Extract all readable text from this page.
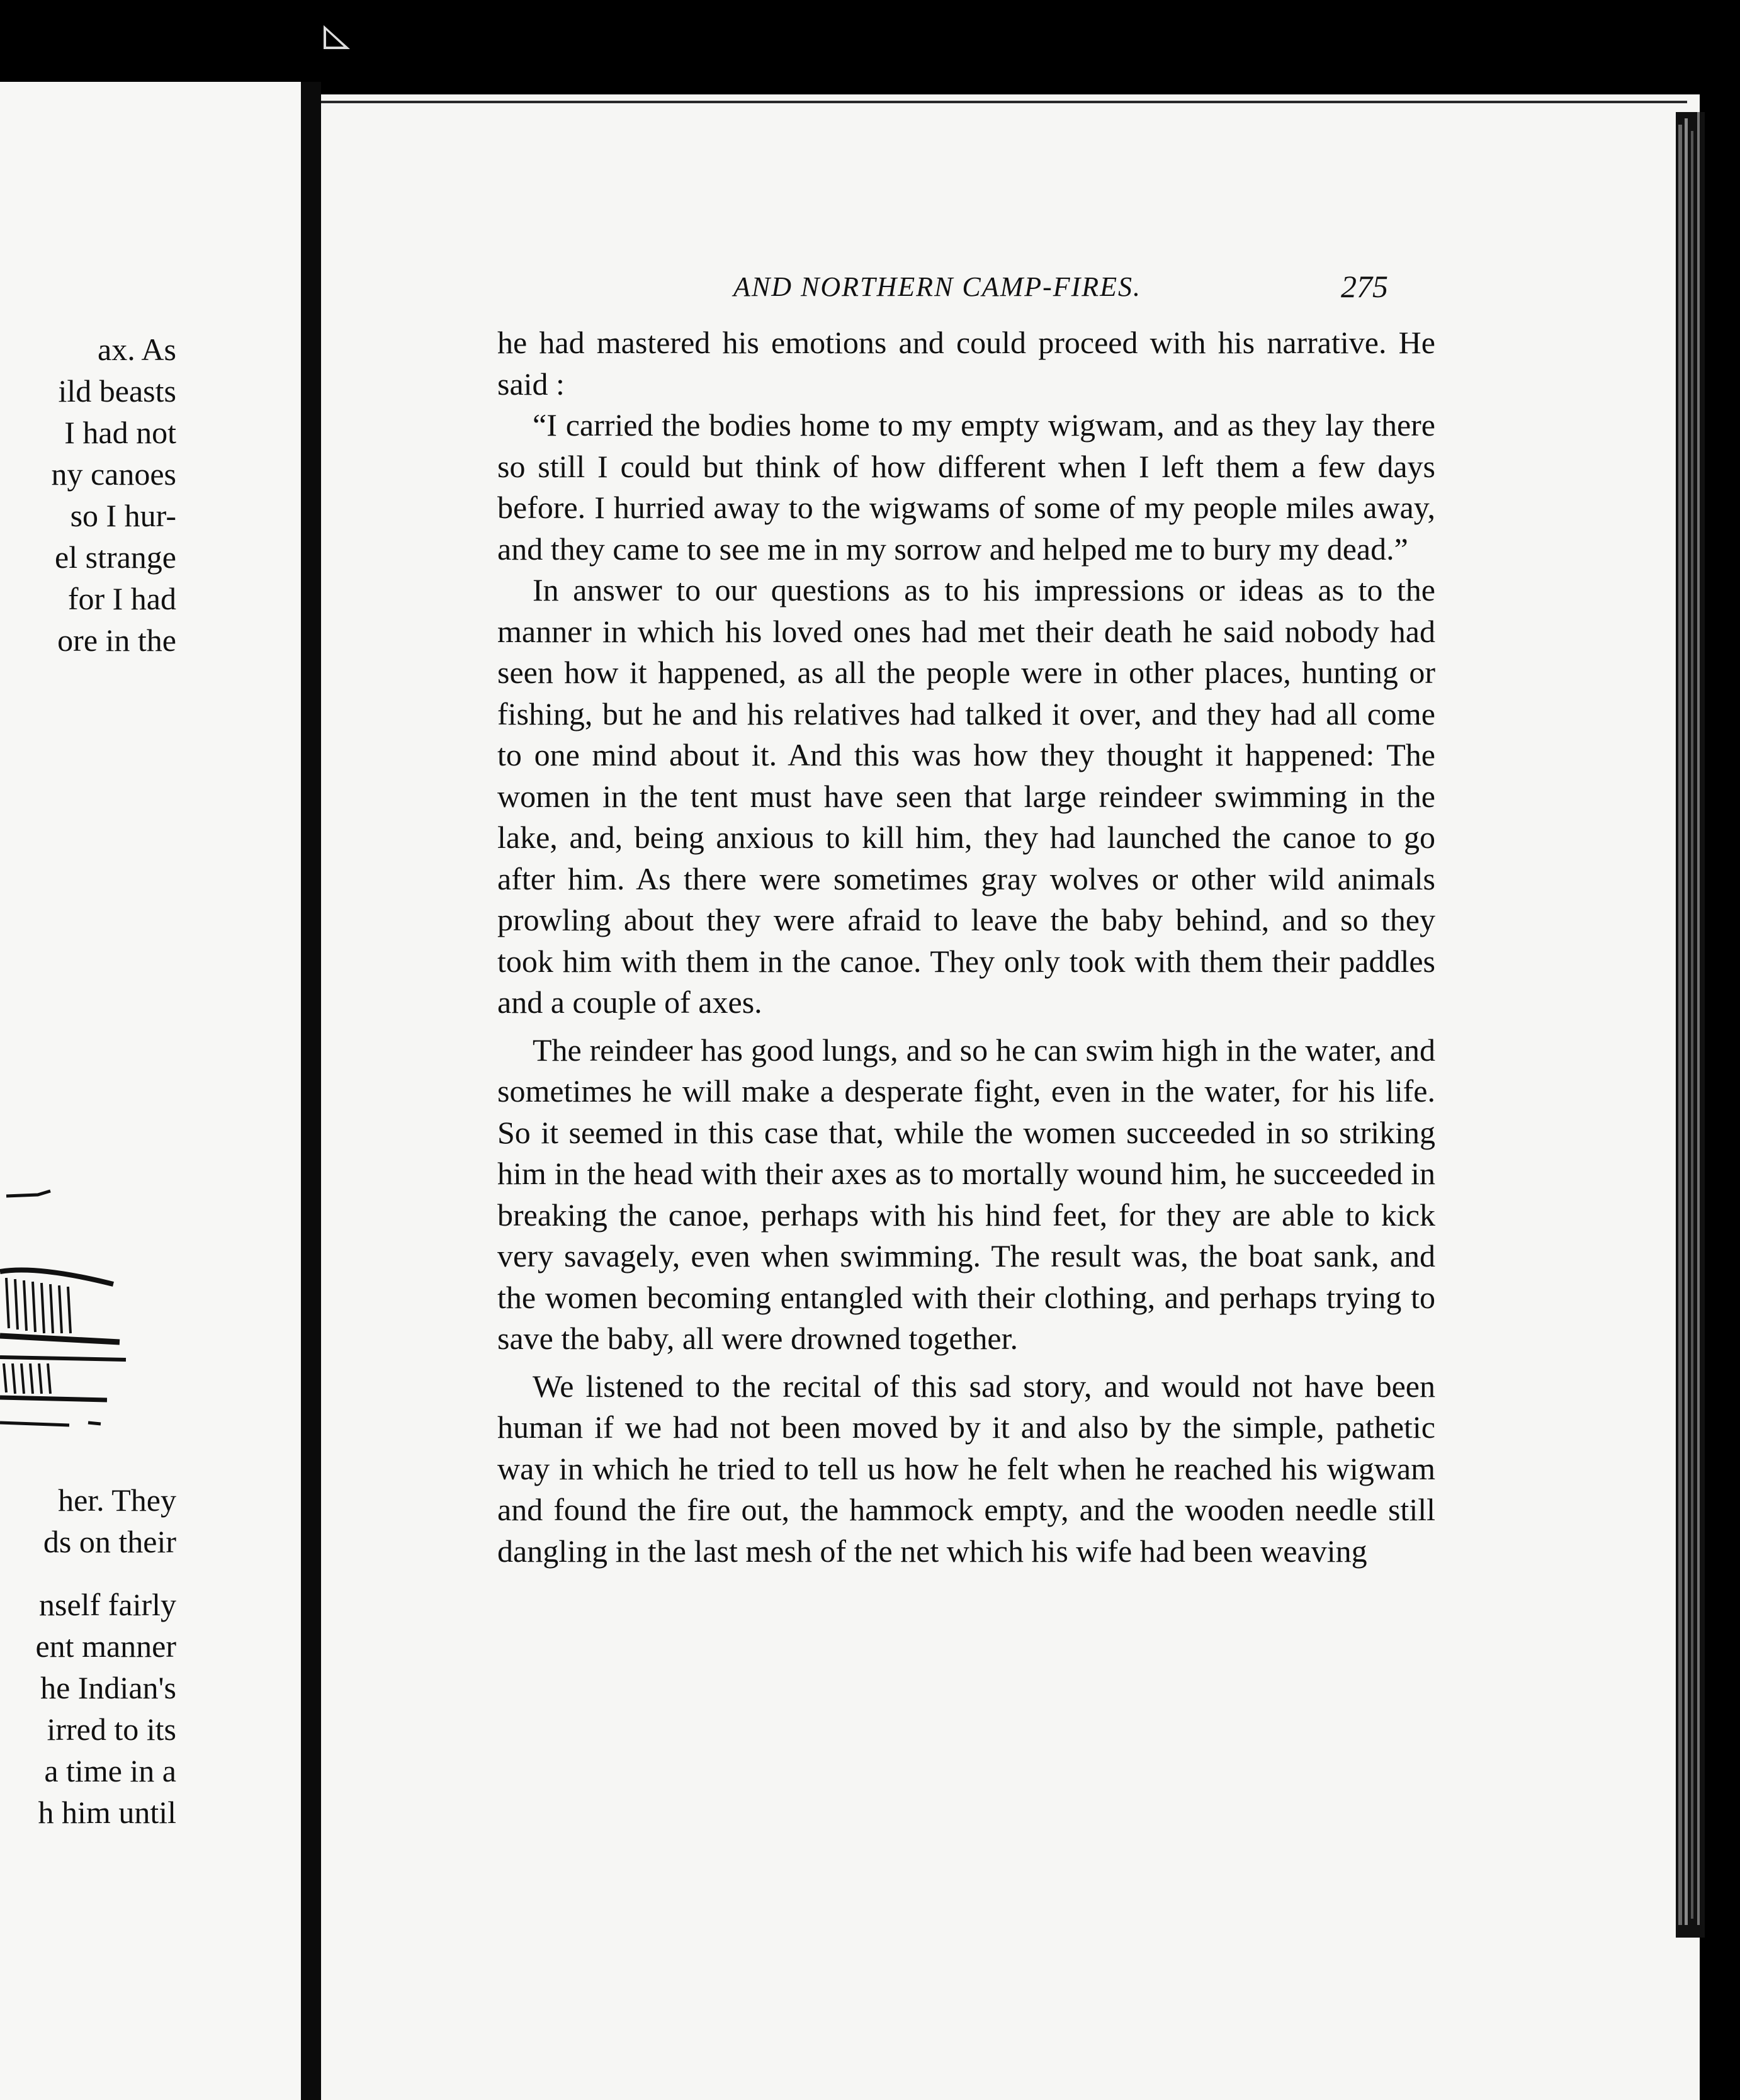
ax. As
ild beasts
I had not
ny canoes
so I hur-
el strange
for I had
ore in the
her. They
ds on their
nself fairly
ent manner
he Indian's
irred to its
a time in a
h him until
AND NORTHERN CAMP-FIRES.	275

he had mastered his emotions and could proceed with his narrative. He said :

“I carried the bodies home to my empty wigwam, and as they lay there so still I could but think of how different when I left them a few days before. I hurried away to the wigwams of some of my people miles away, and they came to see me in my sorrow and helped me to bury my dead.”

In answer to our questions as to his impressions or ideas as to the manner in which his loved ones had met their death he said nobody had seen how it happened, as all the people were in other places, hunting or fishing, but he and his relatives had talked it over, and they had all come to one mind about it. And this was how they thought it happened: The women in the tent must have seen that large reindeer swimming in the lake, and, being anxious to kill him, they had launched the canoe to go after him. As there were sometimes gray wolves or other wild animals prowling about they were afraid to leave the baby behind, and so they took him with them in the canoe. They only took with them their paddles and a couple of axes.

The reindeer has good lungs, and so he can swim high in the water, and sometimes he will make a desperate fight, even in the water, for his life. So it seemed in this case that, while the women succeeded in so striking him in the head with their axes as to mortally wound him, he succeeded in breaking the canoe, perhaps with his hind feet, for they are able to kick very savagely, even when swimming. The result was, the boat sank, and the women becoming entangled with their clothing, and perhaps trying to save the baby, all were drowned together.

We listened to the recital of this sad story, and would not have been human if we had not been moved by it and also by the simple, pathetic way in which he tried to tell us how he felt when he reached his wigwam and found the fire out, the hammock empty, and the wooden needle still dangling in the last mesh of the net which his wife had been weaving
